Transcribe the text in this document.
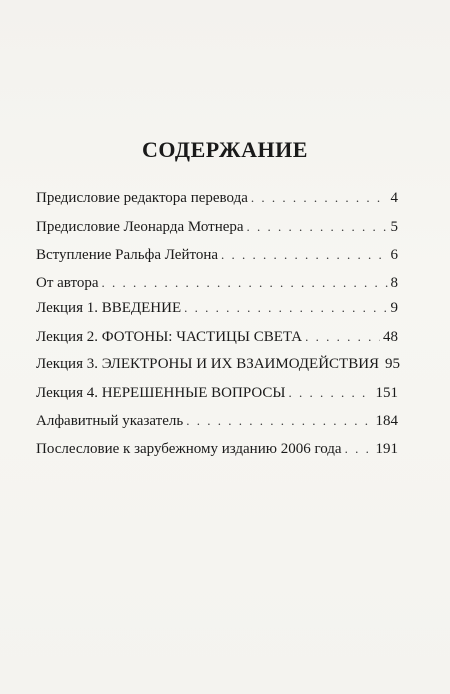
СОДЕРЖАНИЕ
Предисловие редактора перевода . . .	4
Предисловие Леонарда Мотнера . . .	5
Вступление Ральфа Лейтона . . .	6
От автора . . .	8
Лекция 1. ВВЕДЕНИЕ . . .	9
Лекция 2. ФОТОНЫ: ЧАСТИЦЫ СВЕТА . . .	48
Лекция 3. ЭЛЕКТРОНЫ И ИХ ВЗАИМОДЕЙСТВИЯ 95
Лекция 4. НЕРЕШЕННЫЕ ВОПРОСЫ . . .	151
Алфавитный указатель . . .	184
Послесловие к зарубежному изданию 2006 года . . . 191
